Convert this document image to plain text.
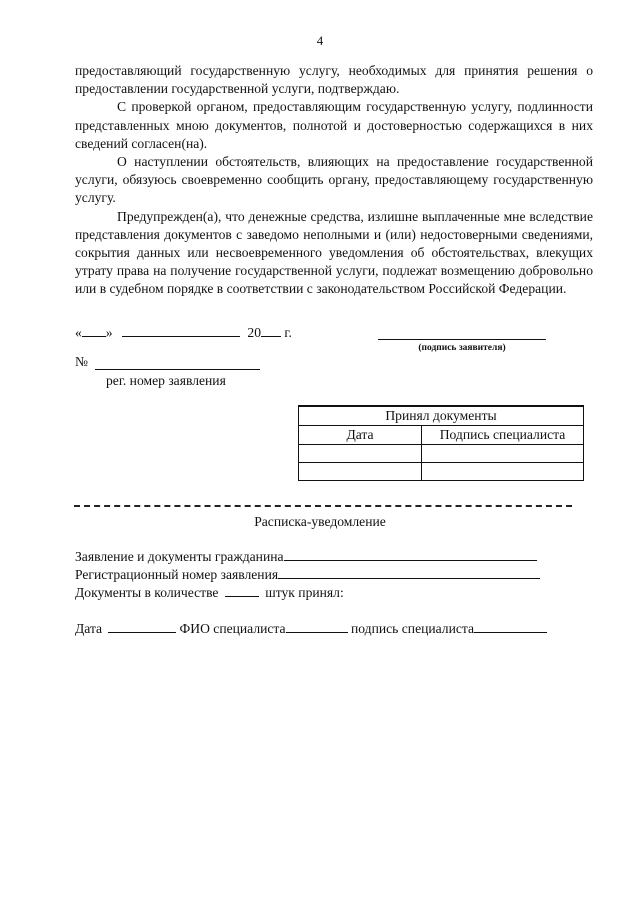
4

предоставляющий государственную услугу, необходимых для принятия решения о предоставлении государственной услуги, подтверждаю.

С проверкой органом, предоставляющим государственную услугу, подлинности представленных мною документов, полнотой и достоверностью содержащихся в них сведений согласен(на).

О наступлении обстоятельств, влияющих на предоставление государственной услуги, обязуюсь своевременно сообщить органу, предоставляющему государственную услугу.

Предупрежден(а), что денежные средства, излишне выплаченные мне вследствие представления документов с заведомо неполными и (или) недостоверными сведениями, сокрытия данных или несвоевременного уведомления об обстоятельствах, влекущих утрату права на получение государственной услуги, подлежат возмещению добровольно или в судебном порядке в соответствии с законодательством Российской Федерации.

« »	20 г.
(подпись заявителя)
№
рег. номер заявления
Принял документы	
Дата	Подпись специалиста

Расписка-уведомление
Заявление и документы гражданина
Регистрационный номер заявления
Документы в количестве	штук принял:
Дата	ФИО специалиста	подпись специалиста
